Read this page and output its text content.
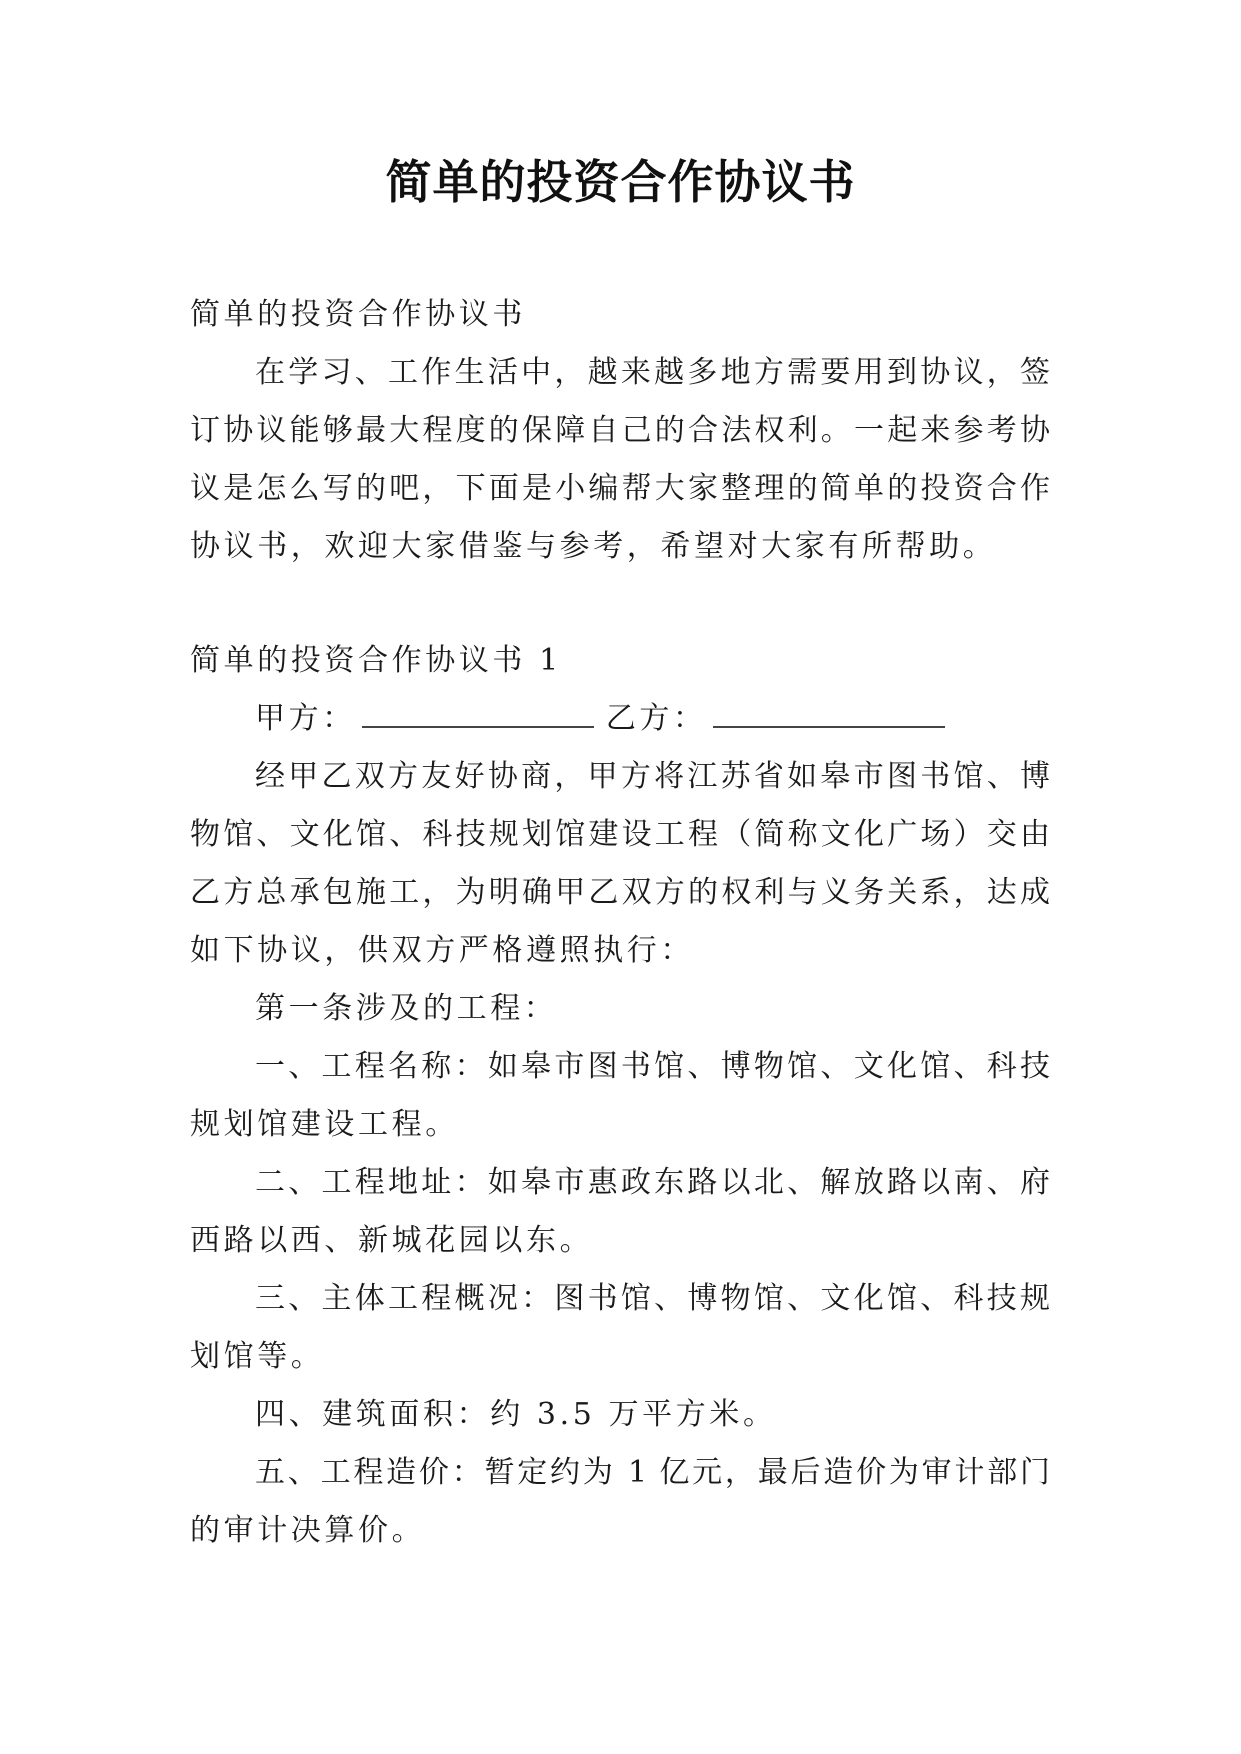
简单的投资合作协议书
简单的投资合作协议书
在学习、工作生活中，越来越多地方需要用到协议，签
订协议能够最大程度的保障自己的合法权利。一起来参考协
议是怎么写的吧，下面是小编帮大家整理的简单的投资合作
协议书，欢迎大家借鉴与参考，希望对大家有所帮助。
简单的投资合作协议书 1
甲方：	乙方：
经甲乙双方友好协商，甲方将江苏省如皋市图书馆、博
物馆、文化馆、科技规划馆建设工程（简称文化广场）交由
乙方总承包施工，为明确甲乙双方的权利与义务关系，达成
如下协议，供双方严格遵照执行：
第一条涉及的工程：
一、工程名称：如皋市图书馆、博物馆、文化馆、科技
规划馆建设工程。
二、工程地址：如皋市惠政东路以北、解放路以南、府
西路以西、新城花园以东。
三、主体工程概况：图书馆、博物馆、文化馆、科技规
划馆等。
四、建筑面积：约 3.5 万平方米。
五、工程造价：暂定约为 1 亿元，最后造价为审计部门
的审计决算价。
